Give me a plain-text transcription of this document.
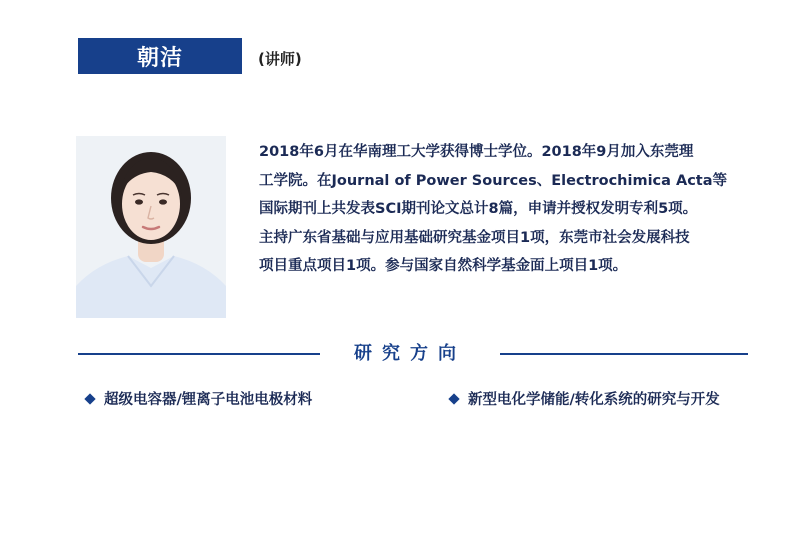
朝洁	(讲师)

2018年6月在华南理工大学获得博士学位。2018年9月加入东莞理
工学院。在Journal of Power Sources、Electrochimica Acta等
国际期刊上共发表SCI期刊论文总计8篇，申请并授权发明专利5项。
主持广东省基础与应用基础研究基金项目1项，东莞市社会发展科技
项目重点项目1项。参与国家自然科学基金面上项目1项。

研究方向
超级电容器/锂离子电池电极材料	新型电化学储能/转化系统的研究与开发
